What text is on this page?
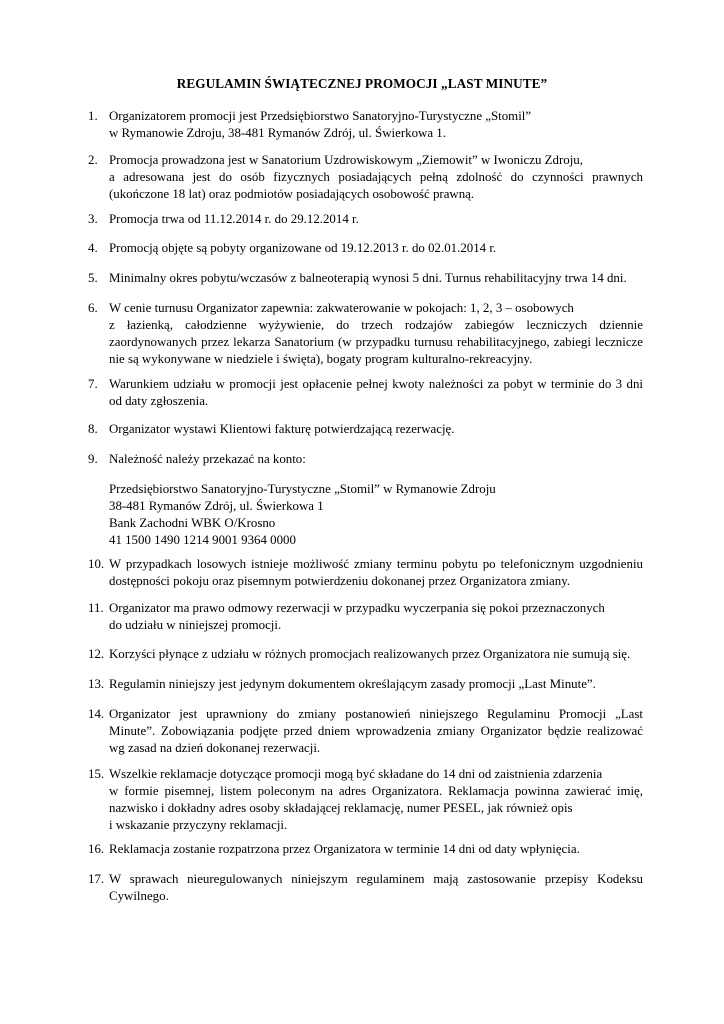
REGULAMIN ŚWIĄTECZNEJ PROMOCJI „LAST MINUTE”
1. Organizatorem promocji jest Przedsiębiorstwo Sanatoryjno-Turystyczne „Stomil”
w Rymanowie Zdroju, 38-481 Rymanów Zdrój, ul. Świerkowa 1.
2. Promocja prowadzona jest w Sanatorium Uzdrowiskowym „Ziemowit” w Iwoniczu Zdroju,
a adresowana jest do osób fizycznych posiadających pełną zdolność do czynności prawnych
(ukończone 18 lat) oraz podmiotów posiadających osobowość prawną.
3. Promocja trwa od 11.12.2014 r. do 29.12.2014 r.
4. Promocją objęte są pobyty organizowane od 19.12.2013 r. do 02.01.2014 r.
5. Minimalny okres pobytu/wczasów z balneoterapią wynosi 5 dni. Turnus rehabilitacyjny trwa 14 dni.
6. W cenie turnusu Organizator zapewnia: zakwaterowanie w pokojach: 1, 2, 3 – osobowych
z łazienką, całodzienne wyżywienie, do trzech rodzajów zabiegów leczniczych dziennie
zaordynowanych przez lekarza Sanatorium (w przypadku turnusu rehabilitacyjnego, zabiegi lecznicze
nie są wykonywane w niedziele i święta), bogaty program kulturalno-rekreacyjny.
7. Warunkiem udziału w promocji jest opłacenie pełnej kwoty należności za pobyt w terminie do 3 dni
od daty zgłoszenia.
8. Organizator wystawi Klientowi fakturę potwierdzającą rezerwację.
9. Należność należy przekazać na konto:
Przedsiębiorstwo Sanatoryjno-Turystyczne „Stomil” w Rymanowie Zdroju
38-481 Rymanów Zdrój, ul. Świerkowa 1
Bank Zachodni WBK O/Krosno
41 1500 1490 1214 9001 9364 0000
10. W przypadkach losowych istnieje możliwość zmiany terminu pobytu po telefonicznym uzgodnieniu
dostępności pokoju oraz pisemnym potwierdzeniu dokonanej przez Organizatora zmiany.
11. Organizator ma prawo odmowy rezerwacji w przypadku wyczerpania się pokoi przeznaczonych
do udziału w niniejszej promocji.
12. Korzyści płynące z udziału w różnych promocjach realizowanych przez Organizatora nie sumują się.
13. Regulamin niniejszy jest jedynym dokumentem określającym zasady promocji „Last Minute”.
14. Organizator jest uprawniony do zmiany postanowień niniejszego Regulaminu Promocji „Last
Minute”. Zobowiązania podjęte przed dniem wprowadzenia zmiany Organizator będzie realizować
wg zasad na dzień dokonanej rezerwacji.
15. Wszelkie reklamacje dotyczące promocji mogą być składane do 14 dni od zaistnienia zdarzenia
w formie pisemnej, listem poleconym na adres Organizatora. Reklamacja powinna zawierać imię,
nazwisko i dokładny adres osoby składającej reklamację, numer PESEL, jak również opis
i wskazanie przyczyny reklamacji.
16. Reklamacja zostanie rozpatrzona przez Organizatora w terminie 14 dni od daty wpłynięcia.
17. W sprawach nieuregulowanych niniejszym regulaminem mają zastosowanie przepisy Kodeksu
Cywilnego.
